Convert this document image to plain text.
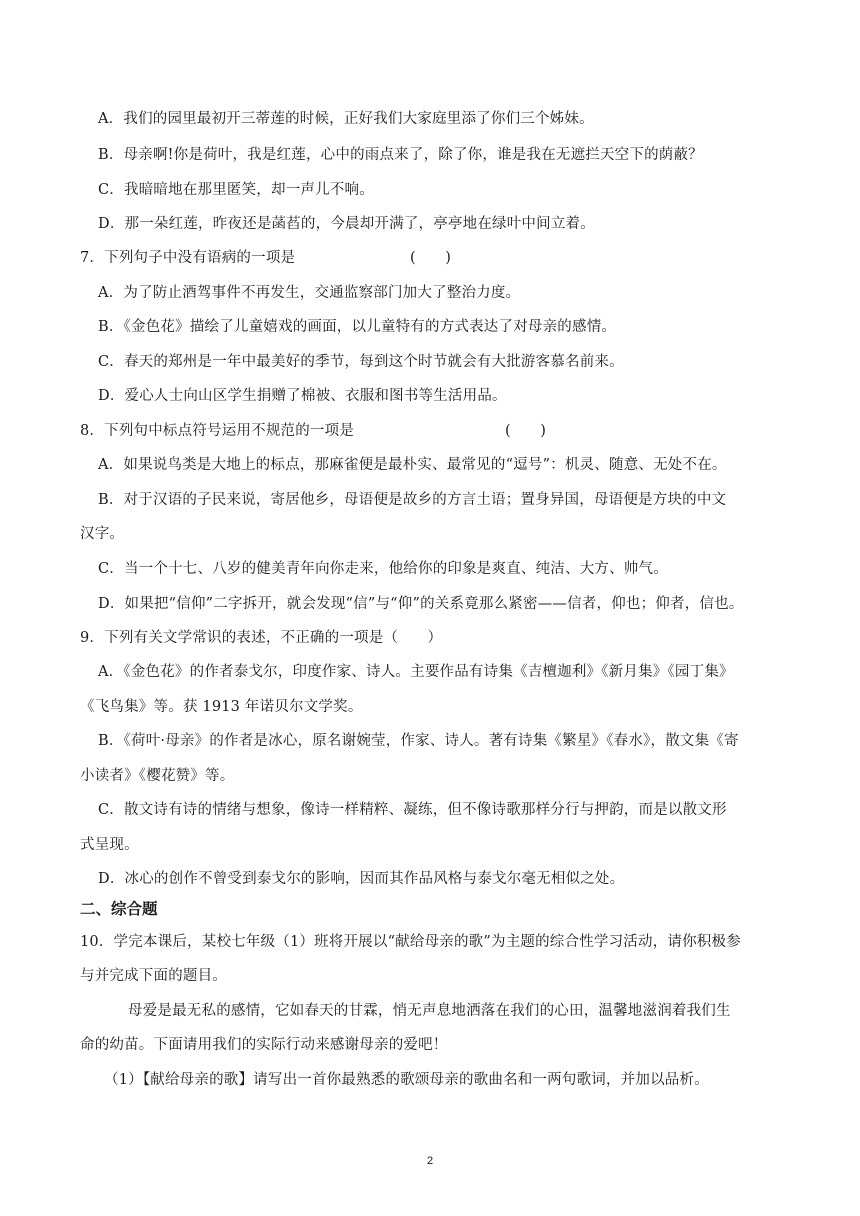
A．我们的园里最初开三蒂莲的时候，正好我们大家庭里添了你们三个姊妹。
B．母亲啊!你是荷叶，我是红莲，心中的雨点来了，除了你，谁是我在无遮拦天空下的荫蔽？
C．我暗暗地在那里匿笑，却一声儿不响。
D．那一朵红莲，昨夜还是菡萏的，今晨却开满了，亭亭地在绿叶中间立着。
7．下列句子中没有语病的一项是	(　　)
A．为了防止酒驾事件不再发生，交通监察部门加大了整治力度。
B．《金色花》描绘了儿童嬉戏的画面，以儿童特有的方式表达了对母亲的感情。
C．春天的郑州是一年中最美好的季节，每到这个时节就会有大批游客慕名前来。
D．爱心人士向山区学生捐赠了棉被、衣服和图书等生活用品。
8．下列句中标点符号运用不规范的一项是	(　　)
A．如果说鸟类是大地上的标点，那麻雀便是最朴实、最常见的“逗号”：机灵、随意、无处不在。
B．对于汉语的子民来说，寄居他乡，母语便是故乡的方言土语；置身异国，母语便是方块的中文
汉字。
C．当一个十七、八岁的健美青年向你走来，他给你的印象是爽直、纯洁、大方、帅气。
D．如果把“信仰”二字拆开，就会发现“信”与“仰”的关系竟那么紧密——信者，仰也；仰者，信也。
9．下列有关文学常识的表述，不正确的一项是（　　）
A．《金色花》的作者泰戈尔，印度作家、诗人。主要作品有诗集《吉檀迦利》《新月集》《园丁集》
《飞鸟集》等。获 1913 年诺贝尔文学奖。
B．《荷叶·母亲》的作者是冰心，原名谢婉莹，作家、诗人。著有诗集《繁星》《春水》，散文集《寄
小读者》《樱花赞》等。
C．散文诗有诗的情绪与想象，像诗一样精粹、凝练，但不像诗歌那样分行与押韵，而是以散文形
式呈现。
D．冰心的创作不曾受到泰戈尔的影响，因而其作品风格与泰戈尔毫无相似之处。
二、综合题
10．学完本课后，某校七年级（1）班将开展以“献给母亲的歌”为主题的综合性学习活动，请你积极参
与并完成下面的题目。
母爱是最无私的感情，它如春天的甘霖，悄无声息地洒落在我们的心田，温馨地滋润着我们生
命的幼苗。下面请用我们的实际行动来感谢母亲的爱吧！
（1）【献给母亲的歌】请写出一首你最熟悉的歌颂母亲的歌曲名和一两句歌词，并加以品析。
2
